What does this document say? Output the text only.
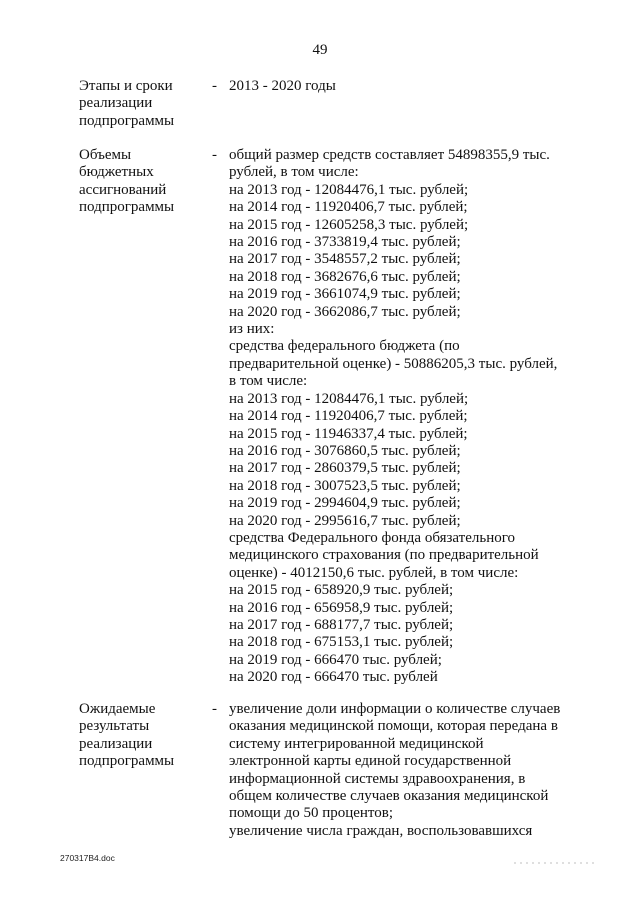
49
Этапы и сроки
реализации
подпрограммы
- 2013 - 2020 годы
Объемы
бюджетных
ассигнований
подпрограммы
- общий размер средств составляет 54898355,9 тыс.
рублей, в том числе:
на 2013 год - 12084476,1 тыс. рублей;
на 2014 год - 11920406,7 тыс. рублей;
на 2015 год - 12605258,3 тыс. рублей;
на 2016 год - 3733819,4 тыс. рублей;
на 2017 год - 3548557,2 тыс. рублей;
на 2018 год - 3682676,6 тыс. рублей;
на 2019 год - 3661074,9 тыс. рублей;
на 2020 год - 3662086,7 тыс. рублей;
из них:
средства федерального бюджета (по
предварительной оценке) - 50886205,3 тыс. рублей,
в том числе:
на 2013 год - 12084476,1 тыс. рублей;
на 2014 год - 11920406,7 тыс. рублей;
на 2015 год - 11946337,4 тыс. рублей;
на 2016 год - 3076860,5 тыс. рублей;
на 2017 год - 2860379,5 тыс. рублей;
на 2018 год - 3007523,5 тыс. рублей;
на 2019 год - 2994604,9 тыс. рублей;
на 2020 год - 2995616,7 тыс. рублей;
средства Федерального фонда обязательного
медицинского страхования (по предварительной
оценке) - 4012150,6 тыс. рублей, в том числе:
на 2015 год - 658920,9 тыс. рублей;
на 2016 год - 656958,9 тыс. рублей;
на 2017 год - 688177,7 тыс. рублей;
на 2018 год - 675153,1 тыс. рублей;
на 2019 год - 666470 тыс. рублей;
на 2020 год - 666470 тыс. рублей
Ожидаемые
результаты
реализации
подпрограммы
- увеличение доли информации о количестве случаев
оказания медицинской помощи, которая передана в
систему интегрированной медицинской
электронной карты единой государственной
информационной системы здравоохранения, в
общем количестве случаев оказания медицинской
помощи до 50 процентов;
увеличение числа граждан, воспользовавшихся
270317В4.doc
